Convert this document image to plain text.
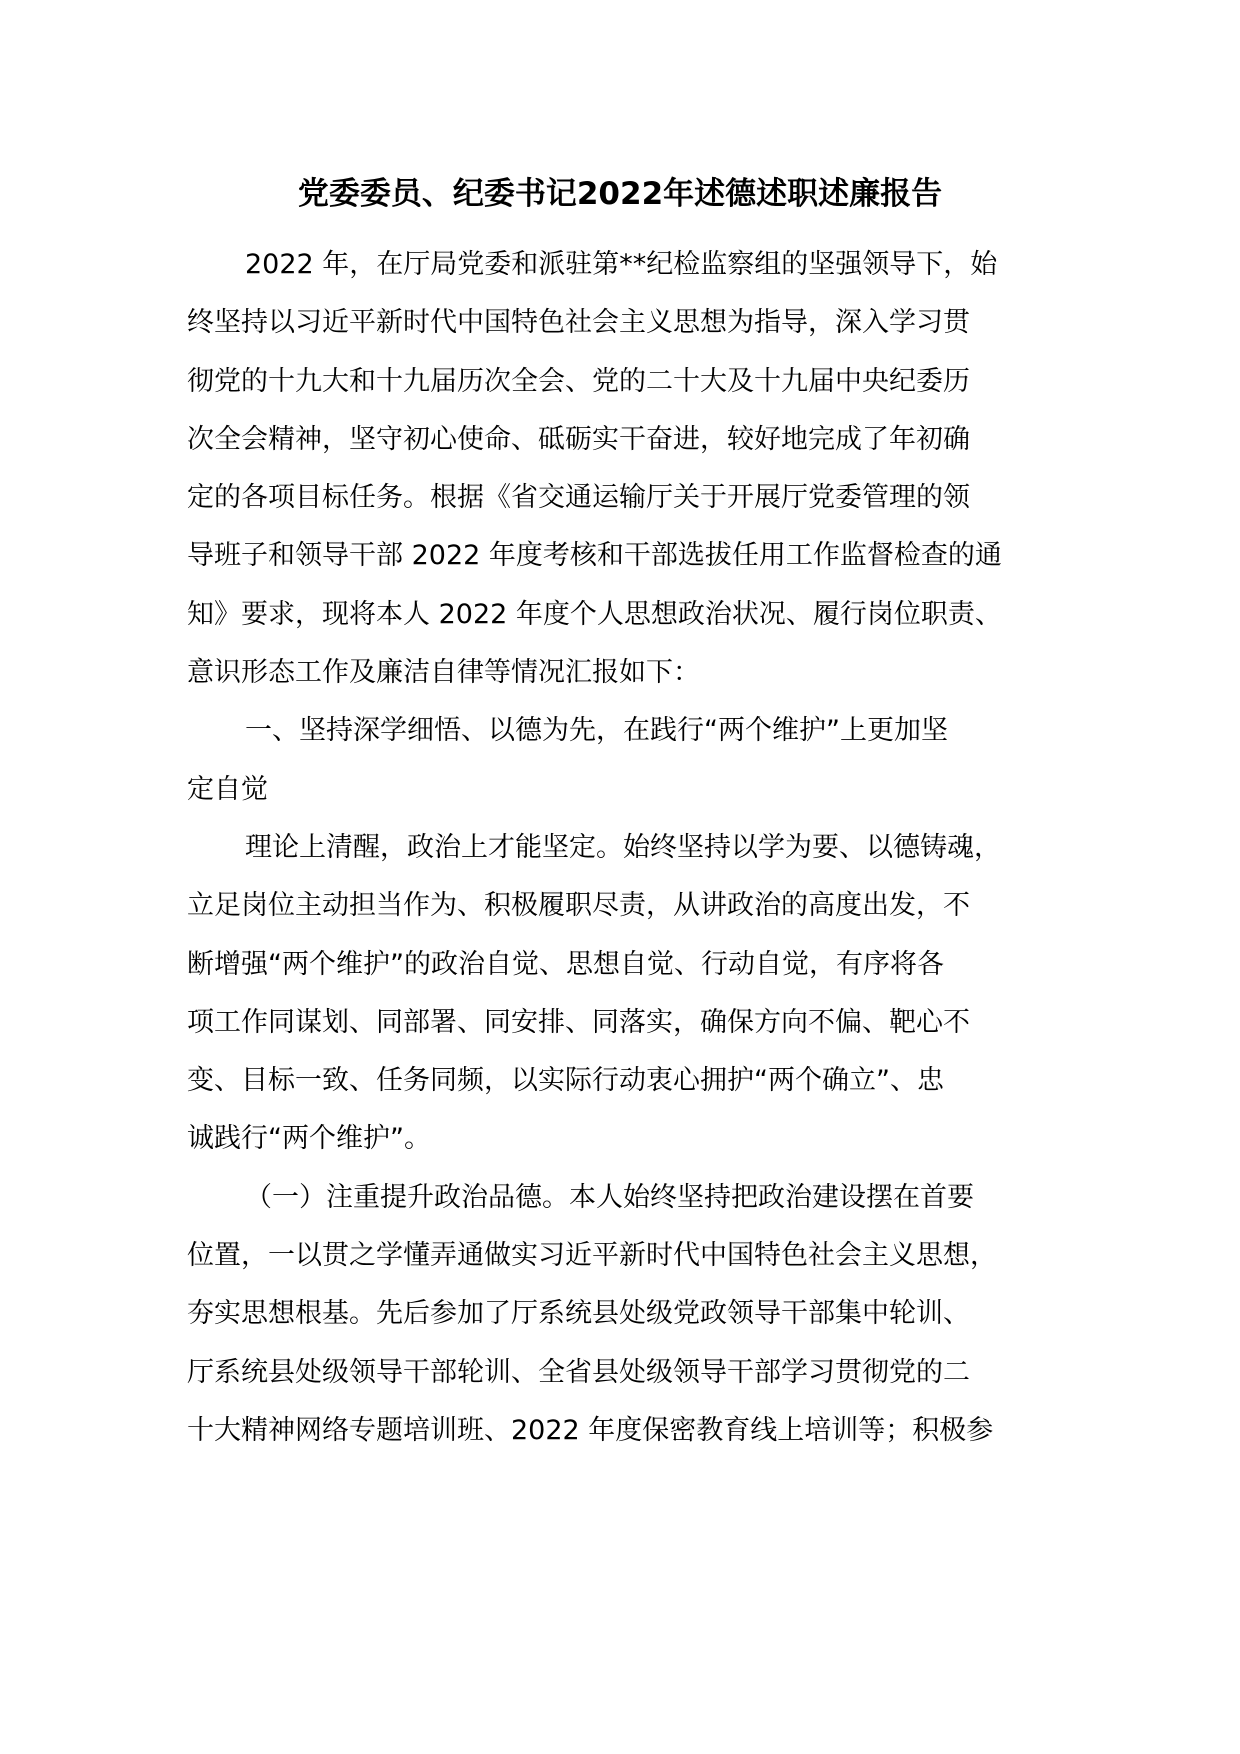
党委委员、纪委书记2022年述德述职述廉报告
2022 年，在厅局党委和派驻第**纪检监察组的坚强领导下，始
终坚持以习近平新时代中国特色社会主义思想为指导，深入学习贯
彻党的十九大和十九届历次全会、党的二十大及十九届中央纪委历
次全会精神，坚守初心使命、砥砺实干奋进，较好地完成了年初确
定的各项目标任务。根据《省交通运输厅关于开展厅党委管理的领
导班子和领导干部 2022 年度考核和干部选拔任用工作监督检查的通
知》要求，现将本人 2022 年度个人思想政治状况、履行岗位职责、
意识形态工作及廉洁自律等情况汇报如下：
一、坚持深学细悟、以德为先，在践行“两个维护”上更加坚
定自觉
理论上清醒，政治上才能坚定。始终坚持以学为要、以德铸魂，
立足岗位主动担当作为、积极履职尽责，从讲政治的高度出发，不
断增强“两个维护”的政治自觉、思想自觉、行动自觉，有序将各
项工作同谋划、同部署、同安排、同落实，确保方向不偏、靶心不
变、目标一致、任务同频，以实际行动衷心拥护“两个确立”、忠
诚践行“两个维护”。
（一）注重提升政治品德。本人始终坚持把政治建设摆在首要
位置，一以贯之学懂弄通做实习近平新时代中国特色社会主义思想，
夯实思想根基。先后参加了厅系统县处级党政领导干部集中轮训、
厅系统县处级领导干部轮训、全省县处级领导干部学习贯彻党的二
十大精神网络专题培训班、2022 年度保密教育线上培训等；积极参
